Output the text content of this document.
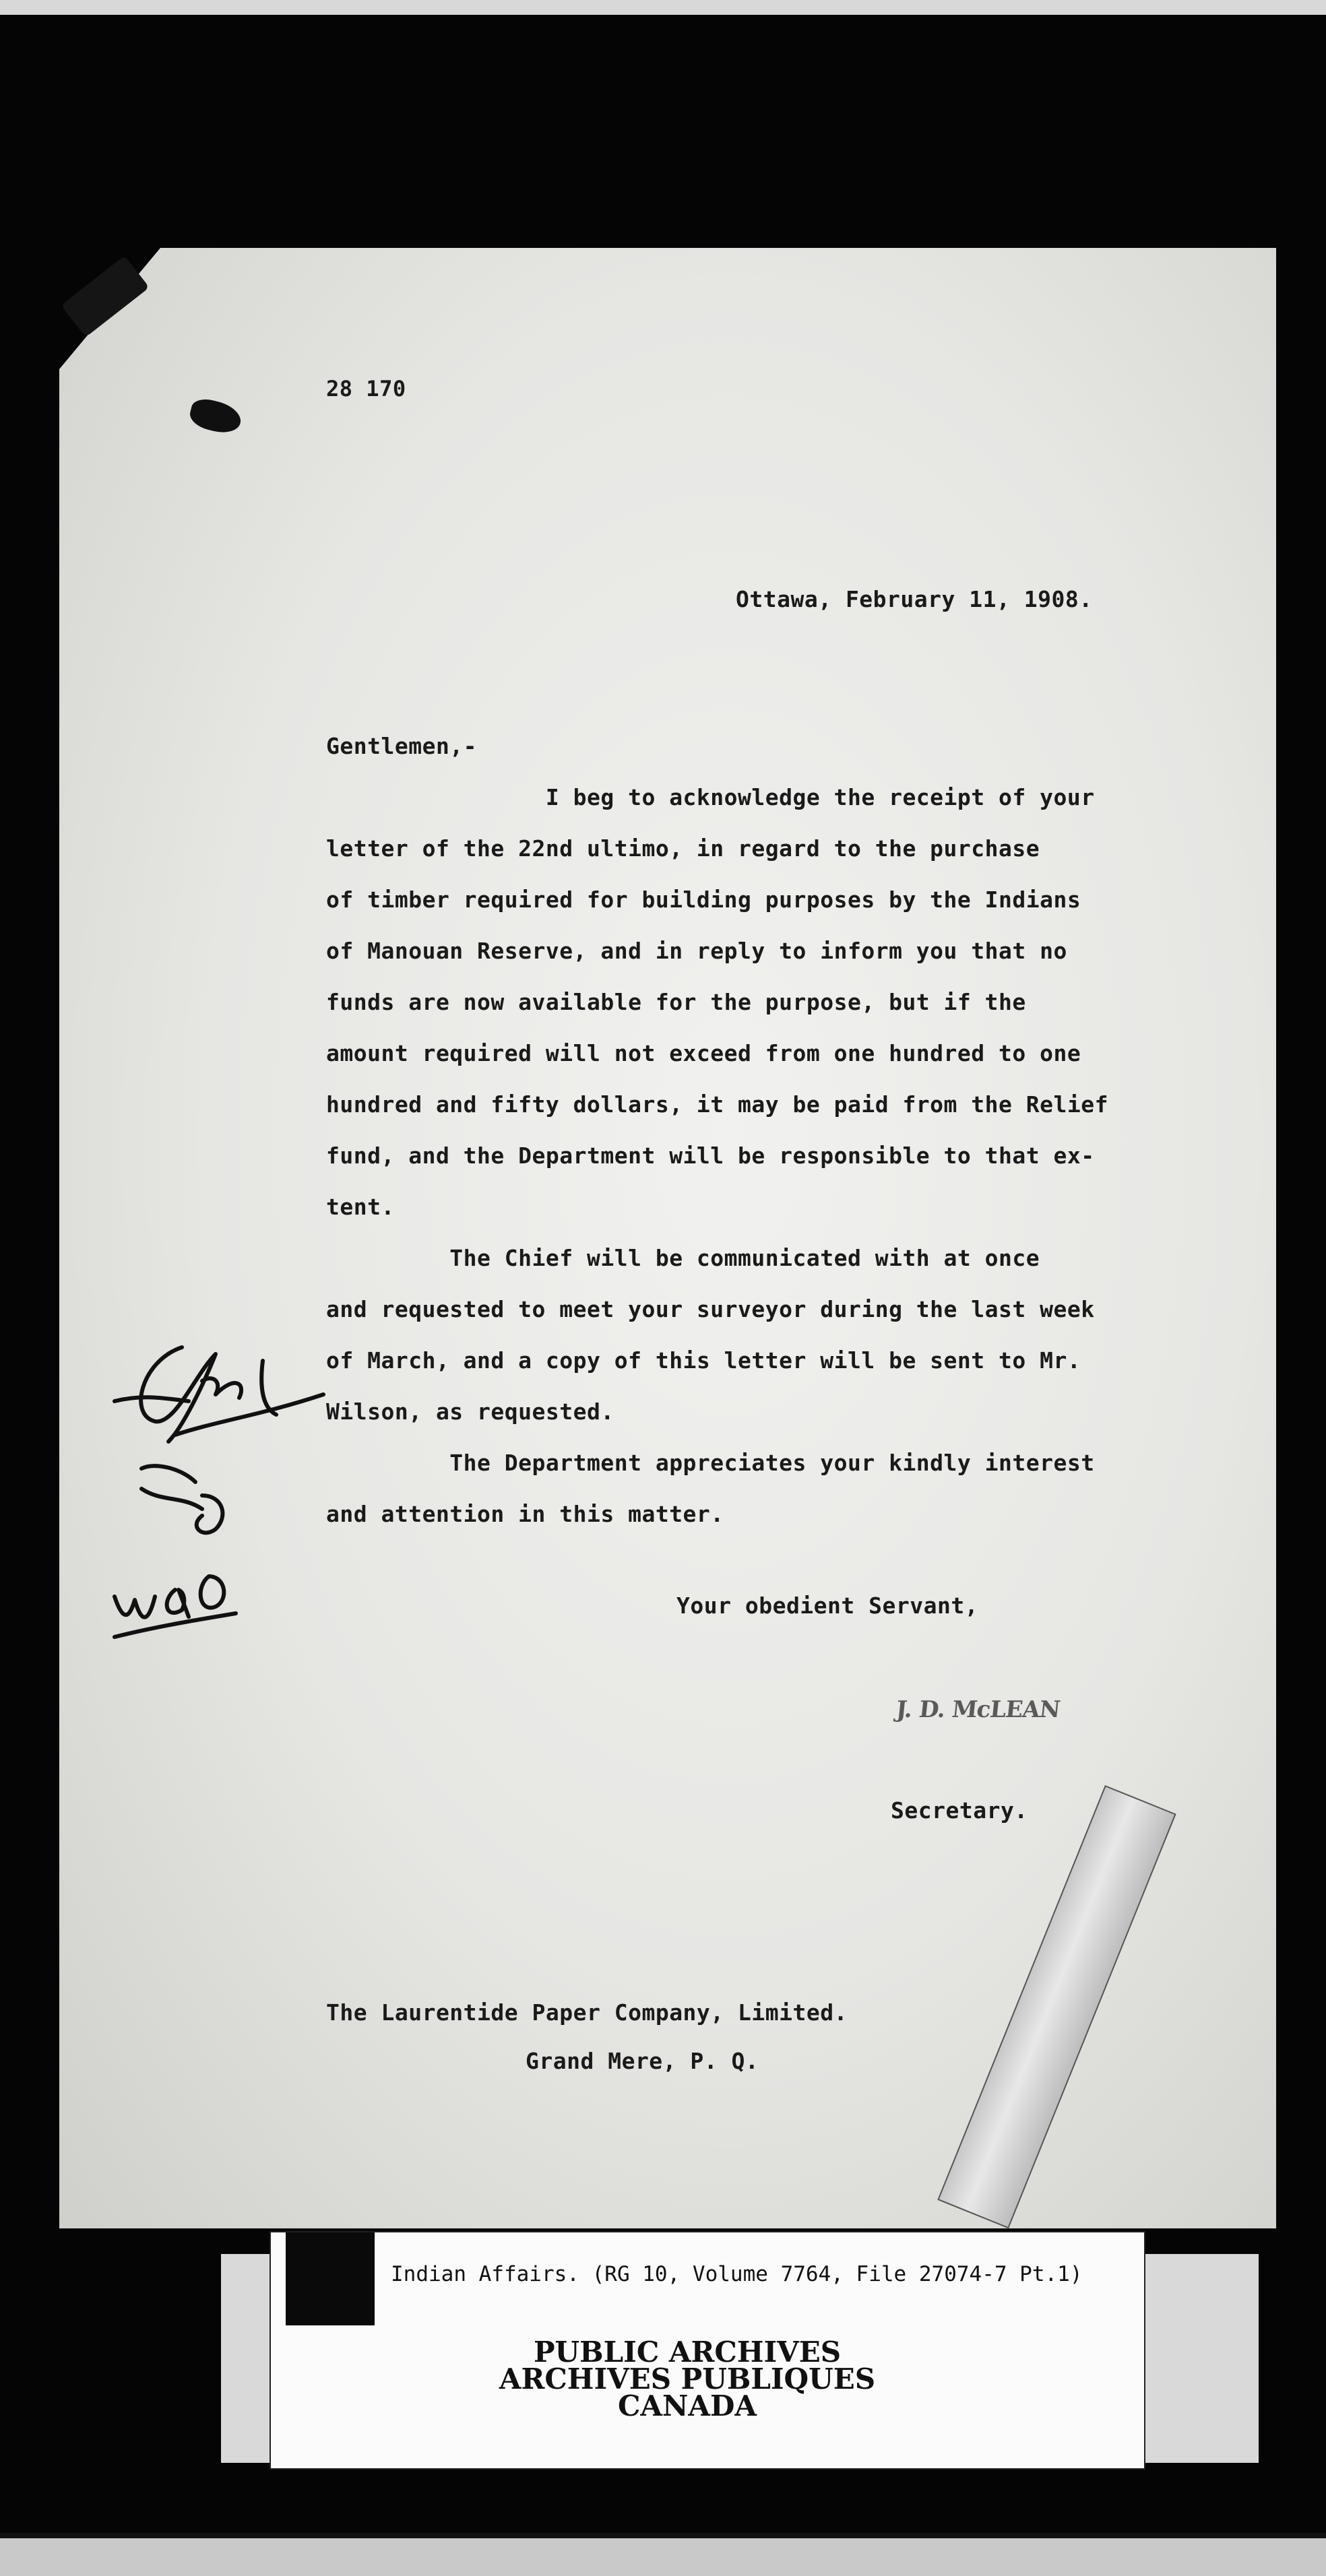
28 170
Ottawa, February 11, 1908.
Gentlemen,-
I beg to acknowledge the receipt of your
letter of the 22nd ultimo, in regard to the purchase
of timber required for building purposes by the Indians
of Manouan Reserve, and in reply to inform you that no
funds are now available for the purpose, but if the
amount required will not exceed from one hundred to one
hundred and fifty dollars, it may be paid from the Relief
fund, and the Department will be responsible to that ex-
tent.
The Chief will be communicated with at once
and requested to meet your surveyor during the last week
of March, and a copy of this letter will be sent to Mr.
Wilson, as requested.
The Department appreciates your kindly interest
and attention in this matter.
Your obedient Servant,
J. D. McLEAN
Secretary.
The Laurentide Paper Company, Limited.
Grand Mere, P. Q.
Indian Affairs. (RG 10, Volume 7764, File 27074-7 Pt.1)
PUBLIC ARCHIVES
ARCHIVES PUBLIQUES
CANADA
